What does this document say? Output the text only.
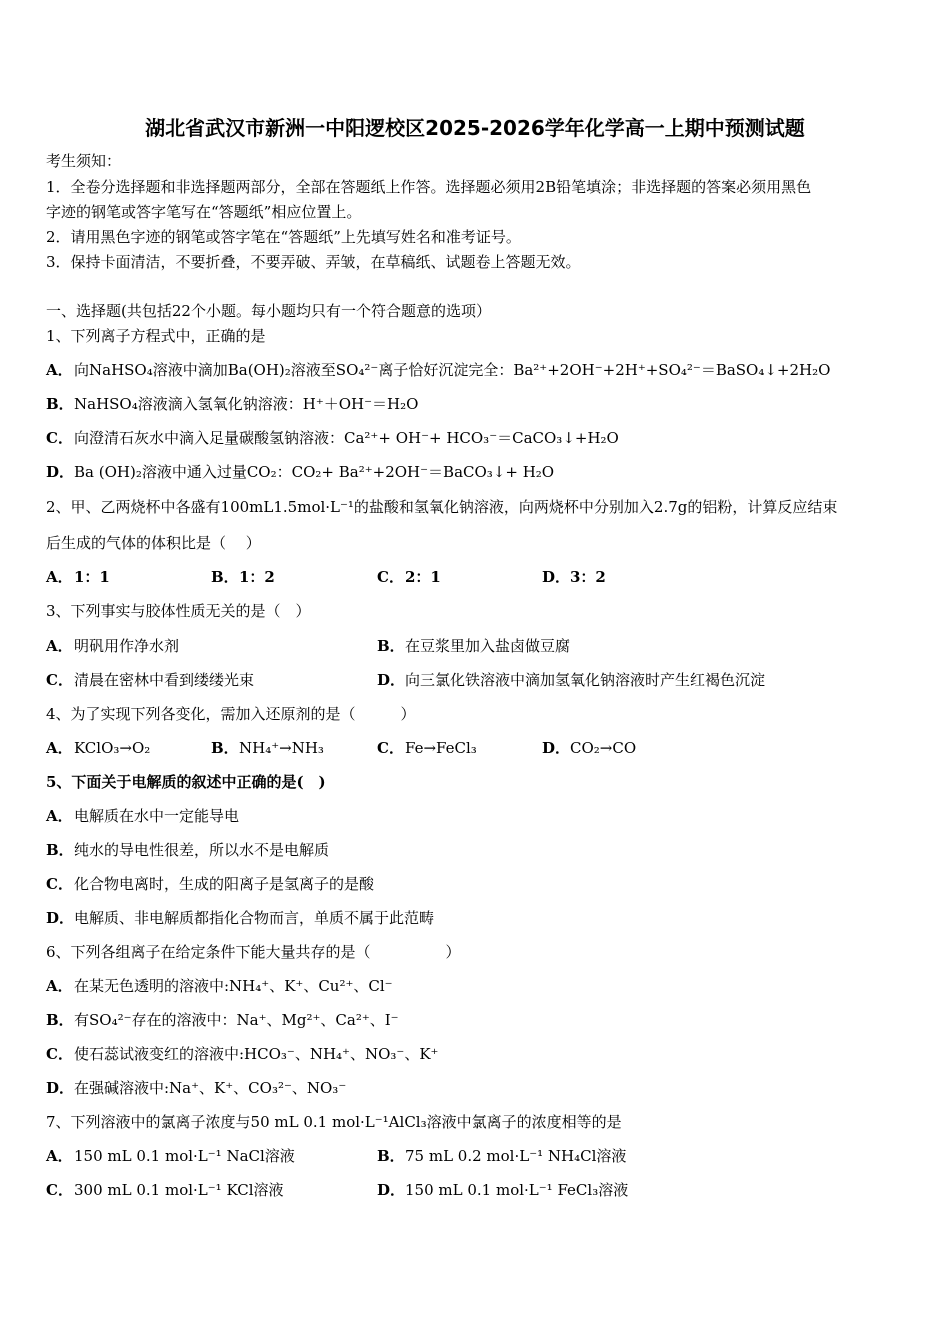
湖北省武汉市新洲一中阳逻校区2025-2026学年化学高一上期中预测试题
考生须知：
1．全卷分选择题和非选择题两部分，全部在答题纸上作答。选择题必须用2B铅笔填涂；非选择题的答案必须用黑色
字迹的钢笔或答字笔写在“答题纸”相应位置上。
2．请用黑色字迹的钢笔或答字笔在“答题纸”上先填写姓名和准考证号。
3．保持卡面清洁，不要折叠，不要弄破、弄皱，在草稿纸、试题卷上答题无效。
一、选择题(共包括22个小题。每小题均只有一个符合题意的选项）
1、下列离子方程式中，正确的是
A．向NaHSO₄溶液中滴加Ba(OH)₂溶液至SO₄²⁻离子恰好沉淀完全：Ba²⁺+2OH⁻+2H⁺+SO₄²⁻＝BaSO₄↓+2H₂O
B．NaHSO₄溶液滴入氢氧化钠溶液：H⁺＋OH⁻＝H₂O
C．向澄清石灰水中滴入足量碳酸氢钠溶液：Ca²⁺+ OH⁻+ HCO₃⁻＝CaCO₃↓+H₂O
D．Ba (OH)₂溶液中通入过量CO₂：CO₂+ Ba²⁺+2OH⁻＝BaCO₃↓+ H₂O
2、甲、乙两烧杯中各盛有100mL1.5mol·L⁻¹的盐酸和氢氧化钠溶液，向两烧杯中分别加入2.7g的铝粉，计算反应结束
后生成的气体的体积比是（　 ）
A．1：1	B．1：2	C．2：1	D．3：2
3、下列事实与胶体性质无关的是（　）
A．明矾用作净水剂	B．在豆浆里加入盐卤做豆腐
C．清晨在密林中看到缕缕光束	D．向三氯化铁溶液中滴加氢氧化钠溶液时产生红褐色沉淀
4、为了实现下列各变化，需加入还原剂的是（　　　）
A．KClO₃→O₂	B．NH₄⁺→NH₃	C．Fe→FeCl₃	D．CO₂→CO
5、下面关于电解质的叙述中正确的是(　)
A．电解质在水中一定能导电
B．纯水的导电性很差，所以水不是电解质
C．化合物电离时，生成的阳离子是氢离子的是酸
D．电解质、非电解质都指化合物而言，单质不属于此范畴
6、下列各组离子在给定条件下能大量共存的是（　　　　　）
A．在某无色透明的溶液中:NH₄⁺、K⁺、Cu²⁺、Cl⁻
B．有SO₄²⁻存在的溶液中：Na⁺、Mg²⁺、Ca²⁺、I⁻
C．使石蕊试液变红的溶液中:HCO₃⁻、NH₄⁺、NO₃⁻、K⁺
D．在强碱溶液中:Na⁺、K⁺、CO₃²⁻、NO₃⁻
7、下列溶液中的氯离子浓度与50 mL 0.1 mol·L⁻¹AlCl₃溶液中氯离子的浓度相等的是
A．150 mL 0.1 mol·L⁻¹ NaCl溶液	B．75 mL 0.2 mol·L⁻¹ NH₄Cl溶液
C．300 mL 0.1 mol·L⁻¹ KCl溶液	D．150 mL 0.1 mol·L⁻¹ FeCl₃溶液
